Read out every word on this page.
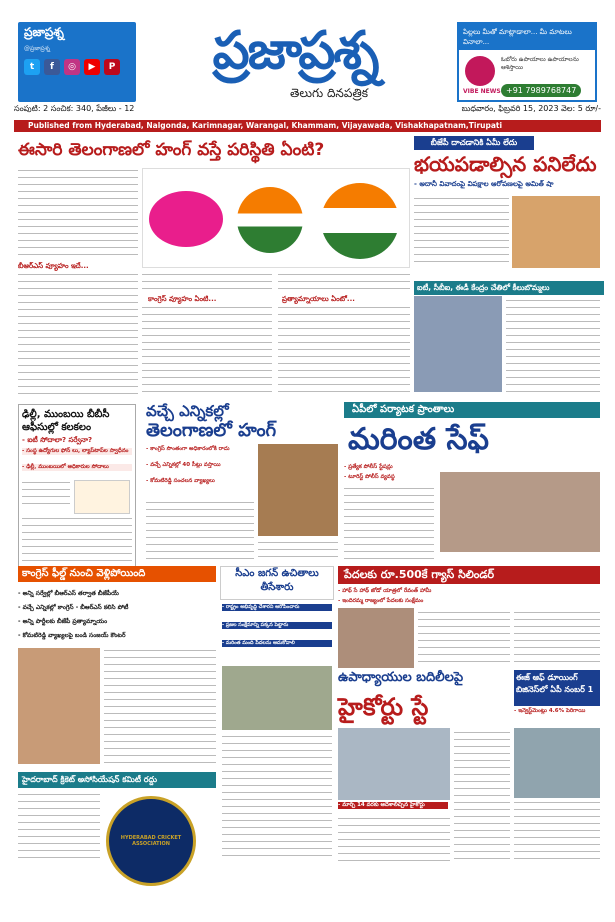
ప్రజాప్రశ్న
@ప్రజాప్రశ్న
t	f	◎	▶	P	ప్రజాప్రశ్న
తెలుగు దినపత్రిక
పిల్లలు మీతో మాట్లాడాలా... మీ మాటలు వినాలా...
ఓబోరు ఉపాయాలు ఉపాయాలను ఆశిస్తాయి
VIBE NEWS +91 7989768747
సంపుటి: 2 సంచిక: 340, పేజీలు - 12	బుధవారం, ఫిబ్రవరి 15, 2023 వెల: 5 రూ/-
Published from Hyderabad, Nalgonda, Karimnagar, Warangal, Khammam, Vijayawada, Vishakhapatnam,Tirupati
ఈసారి తెలంగాణలో హంగ్ వస్తే పరిస్థితి ఏంటి?
బీఆర్ఎస్ వ్యూహం ఇదే...
కాంగ్రెస్ వ్యూహం ఏంటి...	ప్రత్యామ్నాయాలు ఏంటో...
బీజేపీ దాచడానికి ఏమీ లేదు
భయపడాల్సిన పనిలేదు
- అదానీ వివాదంపై విపక్షాల ఆరోపణలపై అమిత్ షా
ఐటీ, సీబీఐ, ఈడీ కేంద్రం చేతిలో కీలుబొమ్మలు
ఢిల్లీ, ముంబయి బీబీసీ ఆఫీసుల్లో కలకలం
- ఐటీ సోదాలా? సర్వేనా?
- సంస్థ ఉద్యోగుల ఫోన్ లు, ల్యాప్‌టాప్‌ల స్వాధీనం
- ఢిల్లీ, ముంబయిలో అధికారుల సోదాలు
వచ్చే ఎన్నికల్లో
తెలంగాణలో హంగ్
- కాంగ్రెస్ సొంతంగా అధికారంలోకి రాదు
- వచ్చే ఎన్నికల్లో 40 సీట్లు వస్తాయి
- కోమటిరెడ్డి సంచలన వ్యాఖ్యలు
ఏపీలో పర్యాటక ప్రాంతాలు
మరింత సేఫ్
- ప్రత్యేక పోలీస్ స్టేషన్లు
- టూరిస్ట్ పోలీస్ వ్యవస్థ
కాంగ్రెస్ ఫీల్డ్ నుంచి వెళ్లిపోయింది
- అన్ని సర్వేల్లో బీఆర్ఎస్ తర్వాత బీజేపీయే
- వచ్చే ఎన్నికల్లో కాంగ్రెస్ - బీఆర్ఎస్ కలిసి పోటీ
- అన్ని పార్టీలకు బీజేపీ ప్రత్యామ్నాయం
- కోమటిరెడ్డి వ్యాఖ్యలపై బండి సంజయ్ కౌంటర్
సీఎం జగన్ ఉచితాలు తీసేశారు
- రాష్ట్రం అభివృద్ధి చేశారని ఆరోపించారు
- ప్రజల సంక్షేమాన్ని పక్కన పెట్టారు
- మరింత మంది పేదలను ఆదుకోవాలి
పేదలకు రూ.500కే గ్యాస్ సిలిండర్
- హాథ్ సే హాథ్ జోడో యాత్రలో రేవంత్ హామీ
- ఇందిరమ్మ రాజ్యంలో పేదలకు సంక్షేమం
ఉపాధ్యాయుల బదిలీలపై
హైకోర్టు స్టే
- మార్చి 14 వరకు ఆదేశాలిచ్చిన హైకోర్టు
ఈజ్ ఆఫ్ డూయింగ్ బిజినెస్‌లో ఏపీ నంబర్ 1
- ఇన్వెస్ట్‌మెంట్లు 4.6% పెరిగాయి
హైదరాబాద్ క్రికెట్ అసోసియేషన్ కమిటీ రద్దు
HYDERABAD CRICKET ASSOCIATION
